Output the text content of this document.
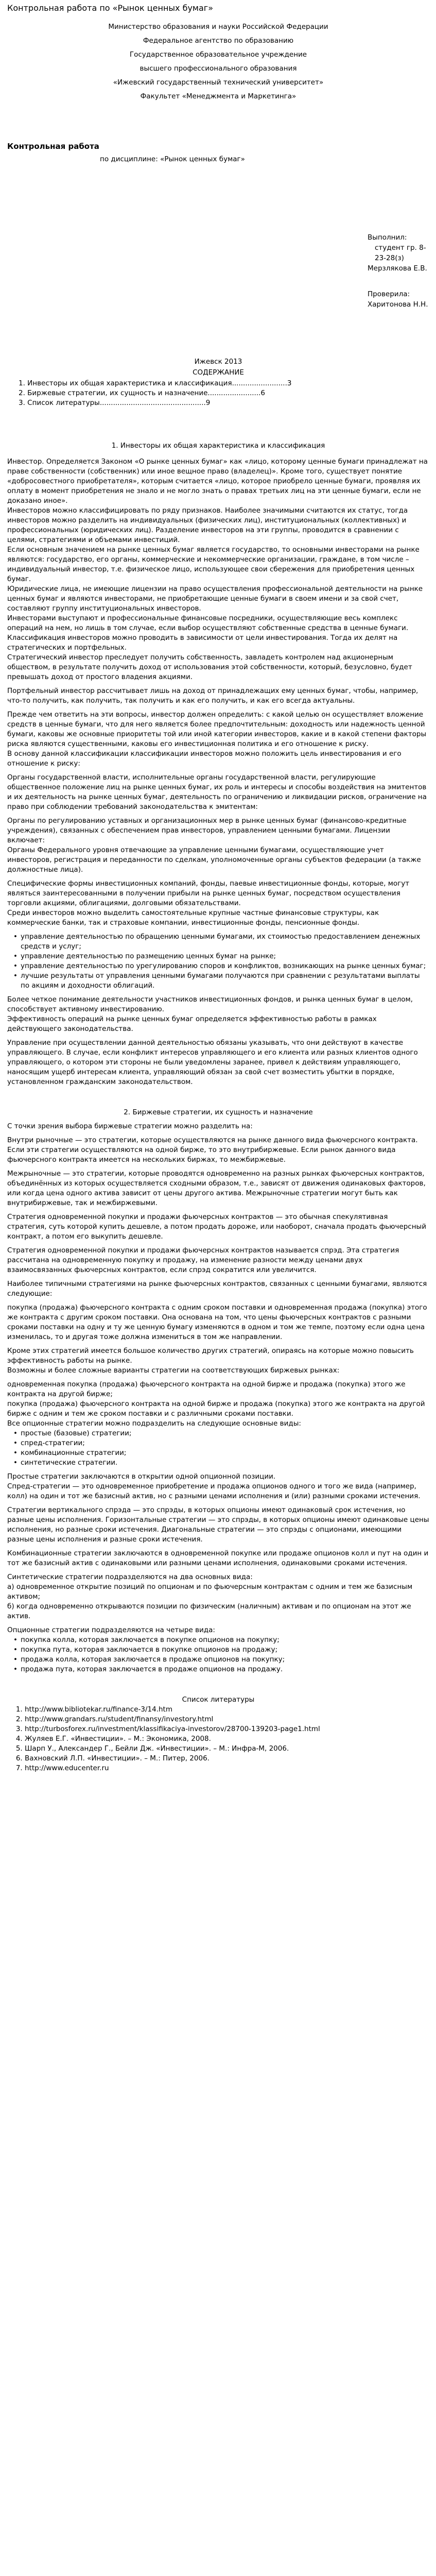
Контрольная работа по «Рынок ценных бумаг»

Министерство образования и науки Российской Федерации

Федеральное агентство по образованию

Государственное образовательное учреждение

высшего профессионального образования

«Ижевский государственный технический университет»

Факультет «Менеджмента и Маркетинга»

Контрольная работа
по дисциплине: «Рынок ценных бумаг»

Выполнил:

студент гр. 8-23-28(з)

Мерзлякова Е.В.

Проверила:

Харитонова Н.Н.

Ижевск 2013
СОДЕРЖАНИЕ
1. Инвесторы их общая характеристика и классификация.........................3
2. Биржевые стратегии, их сущность и назначение........................6
3. Список литературы................................................9
1. Инвесторы их общая характеристика и классификация

Инвестор. Определяется Законом «О рынке ценных бумаг» как «лицо, которому ценные бумаги принадлежат на праве собственности (собственник) или иное вещное право (владелец)». Кроме того, существует понятие «добросовестного приобретателя», которым считается «лицо, которое приобрело ценные бумаги, проявляя их оплату в момент приобретения не знало и не могло знать о правах третьих лиц на эти ценные бумаги, если не доказано иное».

Инвесторов можно классифицировать по ряду признаков. Наиболее значимыми считаются их статус, тогда инвесторов можно разделить на индивидуальных (физических лиц), институциональных (коллективных) и профессиональных (юридических лиц). Разделение инвесторов на эти группы, проводится в сравнении с целями, стратегиями и объемами инвестиций.

Если основным значением на рынке ценных бумаг является государство, то основными инвесторами на рынке являются: государство, его органы, коммерческие и некоммерческие организации, граждане, в том числе – индивидуальный инвестор, т.е. физическое лицо, использующее свои сбережения для приобретения ценных бумаг.

Юридические лица, не имеющие лицензии на право осуществления профессиональной деятельности на рынке ценных бумаг и являются инвесторами, не приобретающие ценные бумаги в своем имени и за свой счет, составляют группу институциональных инвесторов.

Инвесторами выступают и профессиональные финансовые посредники, осуществляющие весь комплекс операций на нем, но лишь в том случае, если выбор осуществляют собственные средства в ценные бумаги.

Классификация инвесторов можно проводить в зависимости от цели инвестирования. Тогда их делят на стратегических и портфельных.

Стратегический инвестор преследует получить собственность, завладеть контролем над акционерным обществом, в результате получить доход от использования этой собственности, который, безусловно, будет превышать доход от простого владения акциями.

Портфельный инвестор рассчитывает лишь на доход от принадлежащих ему ценных бумаг, чтобы, например, что-то получить, как получить, так получить и как его получить, и как его всегда актуальны.

Прежде чем ответить на эти вопросы, инвестор должен определить: с какой целью он осуществляет вложение средств в ценные бумаги, что для него является более предпочтительным: доходность или надежность ценной бумаги, каковы же основные приоритеты той или иной категории инвесторов, какие и в какой степени факторы риска являются существенными, каковы его инвестиционная политика и его отношение к риску.

В основу данной классификации классификации инвесторов можно положить цель инвестирования и его отношение к риску:

Органы государственной власти, исполнительные органы государственной власти, регулирующие общественное положение лиц на рынке ценных бумаг, их роль и интересы и способы воздействия на эмитентов и их деятельность на рынке ценных бумаг, деятельность по ограничению и ликвидации рисков, ограничение на право при соблюдении требований законодательства к эмитентам:

Органы по регулированию уставных и организационных мер в рынке ценных бумаг (финансово-кредитные учреждения), связанных с обеспечением прав инвесторов, управлением ценными бумагами. Лицензии включает:

Органы Федерального уровня отвечающие за управление ценными бумагами, осуществляющие учет инвесторов, регистрация и переданности по сделкам, уполномоченные органы субъектов федерации (а также должностные лица).

Специфические формы инвестиционных компаний, фонды, паевые инвестиционные фонды, которые, могут являться заинтересованными в получении прибыли на рынке ценных бумаг, посредством осуществления торговли акциями, облигациями, долговыми обязательствами.

Среди инвесторов можно выделить самостоятельные крупные частные финансовые структуры, как коммерческие банки, так и страховые компании, инвестиционные фонды, пенсионные фонды.

• управление деятельностью по обращению ценными бумагами, их стоимостью предоставлением денежных средств и услуг;
• управление деятельностью по размещению ценных бумаг на рынке;
• управление деятельностью по урегулированию споров и конфликтов, возникающих на рынке ценных бумаг;
• лучшие результаты от управления ценными бумагами получаются при сравнении с результатами выплаты по акциям и доходности облигаций.

Более четкое понимание деятельности участников инвестиционных фондов, и рынка ценных бумаг в целом, способствует активному инвестированию.

Эффективность операций на рынке ценных бумаг определяется эффективностью работы в рамках действующего законодательства.

Управление при осуществлении данной деятельностью обязаны указывать, что они действуют в качестве управляющего. В случае, если конфликт интересов управляющего и его клиента или разных клиентов одного управляющего, о котором эти стороны не были уведомлены заранее, привел к действиям управляющего, наносящим ущерб интересам клиента, управляющий обязан за свой счет возместить убытки в порядке, установленном гражданским законодательством.

2. Биржевые стратегии, их сущность и назначение

С точки зрения выбора биржевые стратегии можно разделить на:

Внутри рыночные — это стратегии, которые осуществляются на рынке данного вида фьючерсного контракта. Если эти стратегии осуществляются на одной бирже, то это внутрибиржевые. Если рынок данного вида фьючерсного контракта имеется на нескольких биржах, то межбиржевые.

Межрыночные — это стратегии, которые проводятся одновременно на разных рынках фьючерсных контрактов, объединённых из которых осуществляется сходными образом, т.е., зависят от движения одинаковых факторов, или когда цена одного актива зависит от цены другого актива. Межрыночные стратегии могут быть как внутрибиржевые, так и межбиржевыми.

Стратегия одновременной покупки и продажи фьючерсных контрактов — это обычная спекулятивная стратегия, суть которой купить дешевле, а потом продать дороже, или наоборот, сначала продать фьючерсный контракт, а потом его выкупить дешевле.

Стратегия одновременной покупки и продажи фьючерсных контрактов называется спрэд. Эта стратегия рассчитана на одновременную покупку и продажу, на изменение разности между ценами двух взаимосвязанных фьючерсных контрактов, если спрэд сократится или увеличится.

Наиболее типичными стратегиями на рынке фьючерсных контрактов, связанных с ценными бумагами, являются следующие:

покупка (продажа) фьючерсного контракта с одним сроком поставки и одновременная продажа (покупка) этого же контракта с другим сроком поставки. Она основана на том, что цены фьючерсных контрактов с разными сроками поставки на одну и ту же ценную бумагу изменяются в одном и том же темпе, поэтому если одна цена изменилась, то и другая тоже должна измениться в том же направлении.

Кроме этих стратегий имеется большое количество других стратегий, опираясь на которые можно повысить эффективность работы на рынке.

Возможны и более сложные варианты стратегии на соответствующих биржевых рынках:

одновременная покупка (продажа) фьючерсного контракта на одной бирже и продажа (покупка) этого же контракта на другой бирже;

покупка (продажа) фьючерсного контракта на одной бирже и продажа (покупка) этого же контракта на другой бирже с одним и тем же сроком поставки и с различными сроками поставки.

Все опционные стратегии можно подразделить на следующие основные виды:

• простые (базовые) стратегии;
• спред-стратегии;
• комбинационные стратегии;
• синтетические стратегии.

Простые стратегии заключаются в открытии одной опционной позиции.

Спред-стратегии — это одновременное приобретение и продажа опционов одного и того же вида (например, колл) на один и тот же базисный актив, но с разными ценами исполнения и (или) разными сроками истечения.

Стратегии вертикального спрэда — это спрэды, в которых опционы имеют одинаковый срок истечения, но разные цены исполнения. Горизонтальные стратегии — это спрэды, в которых опционы имеют одинаковые цены исполнения, но разные сроки истечения. Диагональные стратегии — это спрэды с опционами, имеющими разные цены исполнения и разные сроки истечения.

Комбинационные стратегии заключаются в одновременной покупке или продаже опционов колл и пут на один и тот же базисный актив с одинаковыми или разными ценами исполнения, одинаковыми сроками истечения.

Синтетические стратегии подразделяются на два основных вида:

а) одновременное открытие позиций по опционам и по фьючерсным контрактам с одним и тем же базисным активом;

б) когда одновременно открываются позиции по физическим (наличным) активам и по опционам на этот же актив.

Опционные стратегии подразделяются на четыре вида:

• покупка колла, которая заключается в покупке опционов на покупку;
• покупка пута, которая заключается в покупке опционов на продажу;
• продажа колла, которая заключается в продаже опционов на покупку;
• продажа пута, которая заключается в продаже опционов на продажу.
Список литературы
1. http://www.bibliotekar.ru/finance-3/14.htm
2. http://www.grandars.ru/student/finansy/investory.html
3. http://turbosforex.ru/investment/klassifikaciya-investorov/28700-139203-page1.html
4. Жуляев Е.Г. «Инвестиции». – М.: Экономика, 2008.
5. Шарп У., Александер Г., Бейли Дж. «Инвестиции». – М.: Инфра-М, 2006.
6. Вахновский Л.П. «Инвестиции». – М.: Питер, 2006.
7. http://www.educenter.ru
